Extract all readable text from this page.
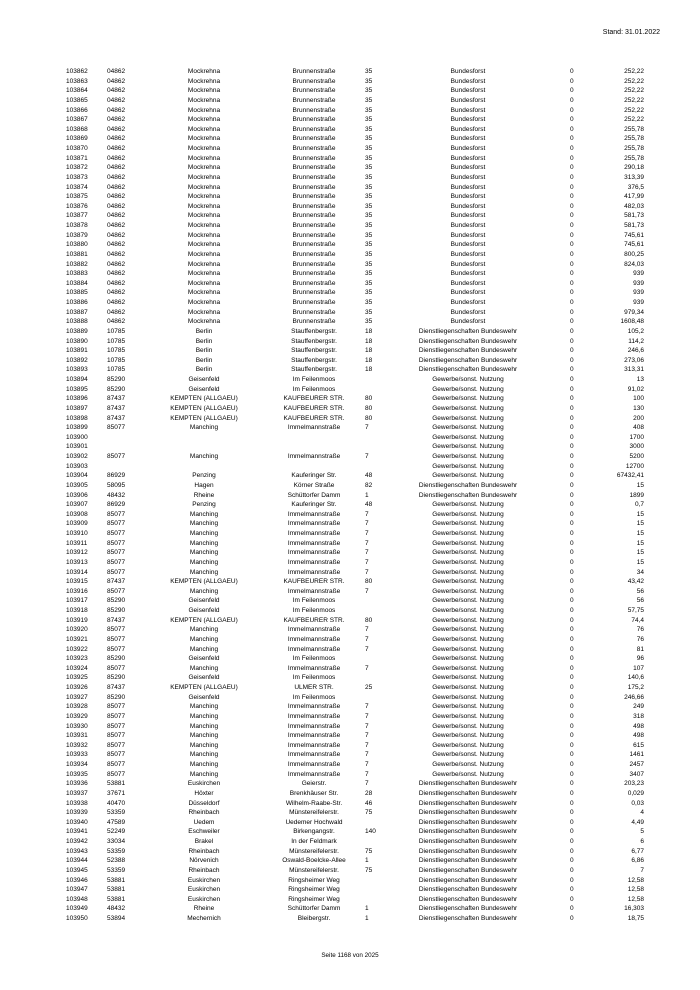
Stand: 31.01.2022
103862	04862	Mockrehna	Brunnenstraße	35	Bundesforst	0	252,22
103863	04862	Mockrehna	Brunnenstraße	35	Bundesforst	0	252,22
103864	04862	Mockrehna	Brunnenstraße	35	Bundesforst	0	252,22
103865	04862	Mockrehna	Brunnenstraße	35	Bundesforst	0	252,22
103866	04862	Mockrehna	Brunnenstraße	35	Bundesforst	0	252,22
103867	04862	Mockrehna	Brunnenstraße	35	Bundesforst	0	252,22
103868	04862	Mockrehna	Brunnenstraße	35	Bundesforst	0	255,78
103869	04862	Mockrehna	Brunnenstraße	35	Bundesforst	0	255,78
103870	04862	Mockrehna	Brunnenstraße	35	Bundesforst	0	255,78
103871	04862	Mockrehna	Brunnenstraße	35	Bundesforst	0	255,78
103872	04862	Mockrehna	Brunnenstraße	35	Bundesforst	0	290,18
103873	04862	Mockrehna	Brunnenstraße	35	Bundesforst	0	313,39
103874	04862	Mockrehna	Brunnenstraße	35	Bundesforst	0	376,5
103875	04862	Mockrehna	Brunnenstraße	35	Bundesforst	0	417,99
103876	04862	Mockrehna	Brunnenstraße	35	Bundesforst	0	482,03
103877	04862	Mockrehna	Brunnenstraße	35	Bundesforst	0	581,73
103878	04862	Mockrehna	Brunnenstraße	35	Bundesforst	0	581,73
103879	04862	Mockrehna	Brunnenstraße	35	Bundesforst	0	745,61
103880	04862	Mockrehna	Brunnenstraße	35	Bundesforst	0	745,61
103881	04862	Mockrehna	Brunnenstraße	35	Bundesforst	0	800,25
103882	04862	Mockrehna	Brunnenstraße	35	Bundesforst	0	824,03
103883	04862	Mockrehna	Brunnenstraße	35	Bundesforst	0	939
103884	04862	Mockrehna	Brunnenstraße	35	Bundesforst	0	939
103885	04862	Mockrehna	Brunnenstraße	35	Bundesforst	0	939
103886	04862	Mockrehna	Brunnenstraße	35	Bundesforst	0	939
103887	04862	Mockrehna	Brunnenstraße	35	Bundesforst	0	979,34
103888	04862	Mockrehna	Brunnenstraße	35	Bundesforst	0	1608,48
103889	10785	Berlin	Stauffenbergstr.	18	Dienstliegenschaften Bundeswehr	0	105,2
103890	10785	Berlin	Stauffenbergstr.	18	Dienstliegenschaften Bundeswehr	0	114,2
103891	10785	Berlin	Stauffenbergstr.	18	Dienstliegenschaften Bundeswehr	0	246,6
103892	10785	Berlin	Stauffenbergstr.	18	Dienstliegenschaften Bundeswehr	0	273,06
103893	10785	Berlin	Stauffenbergstr.	18	Dienstliegenschaften Bundeswehr	0	313,31
103894	85290	Geisenfeld	Im Feilenmoos		Gewerbe/sonst. Nutzung	0	13
103895	85290	Geisenfeld	Im Feilenmoos		Gewerbe/sonst. Nutzung	0	91,02
103896	87437	KEMPTEN (ALLGAEU)	KAUFBEURER STR.	80	Gewerbe/sonst. Nutzung	0	100
103897	87437	KEMPTEN (ALLGAEU)	KAUFBEURER STR.	80	Gewerbe/sonst. Nutzung	0	130
103898	87437	KEMPTEN (ALLGAEU)	KAUFBEURER STR.	80	Gewerbe/sonst. Nutzung	0	200
103899	85077	Manching	Immelmannstraße	7	Gewerbe/sonst. Nutzung	0	408
103900					Gewerbe/sonst. Nutzung	0	1700
103901					Gewerbe/sonst. Nutzung	0	3000
103902	85077	Manching	Immelmannstraße	7	Gewerbe/sonst. Nutzung	0	5200
103903					Gewerbe/sonst. Nutzung	0	12700
103904	86929	Penzing	Kauferinger Str.	48	Gewerbe/sonst. Nutzung	0	67432,41
103905	58095	Hagen	Körner Straße	82	Dienstliegenschaften Bundeswehr	0	15
103906	48432	Rheine	Schüttorfer Damm	1	Dienstliegenschaften Bundeswehr	0	1899
103907	86929	Penzing	Kauferinger Str.	48	Gewerbe/sonst. Nutzung	0	0,7
103908	85077	Manching	Immelmannstraße	7	Gewerbe/sonst. Nutzung	0	15
103909	85077	Manching	Immelmannstraße	7	Gewerbe/sonst. Nutzung	0	15
103910	85077	Manching	Immelmannstraße	7	Gewerbe/sonst. Nutzung	0	15
103911	85077	Manching	Immelmannstraße	7	Gewerbe/sonst. Nutzung	0	15
103912	85077	Manching	Immelmannstraße	7	Gewerbe/sonst. Nutzung	0	15
103913	85077	Manching	Immelmannstraße	7	Gewerbe/sonst. Nutzung	0	15
103914	85077	Manching	Immelmannstraße	7	Gewerbe/sonst. Nutzung	0	34
103915	87437	KEMPTEN (ALLGAEU)	KAUFBEURER STR.	80	Gewerbe/sonst. Nutzung	0	43,42
103916	85077	Manching	Immelmannstraße	7	Gewerbe/sonst. Nutzung	0	56
103917	85290	Geisenfeld	Im Feilenmoos		Gewerbe/sonst. Nutzung	0	56
103918	85290	Geisenfeld	Im Feilenmoos		Gewerbe/sonst. Nutzung	0	57,75
103919	87437	KEMPTEN (ALLGAEU)	KAUFBEURER STR.	80	Gewerbe/sonst. Nutzung	0	74,4
103920	85077	Manching	Immelmannstraße	7	Gewerbe/sonst. Nutzung	0	76
103921	85077	Manching	Immelmannstraße	7	Gewerbe/sonst. Nutzung	0	76
103922	85077	Manching	Immelmannstraße	7	Gewerbe/sonst. Nutzung	0	81
103923	85290	Geisenfeld	Im Feilenmoos		Gewerbe/sonst. Nutzung	0	96
103924	85077	Manching	Immelmannstraße	7	Gewerbe/sonst. Nutzung	0	107
103925	85290	Geisenfeld	Im Feilenmoos		Gewerbe/sonst. Nutzung	0	140,6
103926	87437	KEMPTEN (ALLGAEU)	ULMER STR.	25	Gewerbe/sonst. Nutzung	0	175,2
103927	85290	Geisenfeld	Im Feilenmoos		Gewerbe/sonst. Nutzung	0	246,66
103928	85077	Manching	Immelmannstraße	7	Gewerbe/sonst. Nutzung	0	249
103929	85077	Manching	Immelmannstraße	7	Gewerbe/sonst. Nutzung	0	318
103930	85077	Manching	Immelmannstraße	7	Gewerbe/sonst. Nutzung	0	498
103931	85077	Manching	Immelmannstraße	7	Gewerbe/sonst. Nutzung	0	498
103932	85077	Manching	Immelmannstraße	7	Gewerbe/sonst. Nutzung	0	615
103933	85077	Manching	Immelmannstraße	7	Gewerbe/sonst. Nutzung	0	1461
103934	85077	Manching	Immelmannstraße	7	Gewerbe/sonst. Nutzung	0	2457
103935	85077	Manching	Immelmannstraße	7	Gewerbe/sonst. Nutzung	0	3407
103936	53881	Euskirchen	Geierstr.	7	Dienstliegenschaften Bundeswehr	0	203,23
103937	37671	Höxter	Brenkhäuser Str.	28	Dienstliegenschaften Bundeswehr	0	0,029
103938	40470	Düsseldorf	Wilhelm-Raabe-Str.	46	Dienstliegenschaften Bundeswehr	0	0,03
103939	53359	Rheinbach	Münstereifelerstr.	75	Dienstliegenschaften Bundeswehr	0	4
103940	47589	Uedem	Uedemer Hochwald		Dienstliegenschaften Bundeswehr	0	4,49
103941	52249	Eschweiler	Birkengangstr.	140	Dienstliegenschaften Bundeswehr	0	5
103942	33034	Brakel	In der Feldmark		Dienstliegenschaften Bundeswehr	0	6
103943	53359	Rheinbach	Münstereifelerstr.	75	Dienstliegenschaften Bundeswehr	0	6,77
103944	52388	Nörvenich	Oswald-Boelcke-Allee	1	Dienstliegenschaften Bundeswehr	0	6,86
103945	53359	Rheinbach	Münstereifelerstr.	75	Dienstliegenschaften Bundeswehr	0	7
103946	53881	Euskirchen	Ringsheimer Weg		Dienstliegenschaften Bundeswehr	0	12,58
103947	53881	Euskirchen	Ringsheimer Weg		Dienstliegenschaften Bundeswehr	0	12,58
103948	53881	Euskirchen	Ringsheimer Weg		Dienstliegenschaften Bundeswehr	0	12,58
103949	48432	Rheine	Schüttorfer Damm	1	Dienstliegenschaften Bundeswehr	0	16,303
103950	53894	Mechernich	Bleibergstr.	1	Dienstliegenschaften Bundeswehr	0	18,75
Seite 1168 von 2025
